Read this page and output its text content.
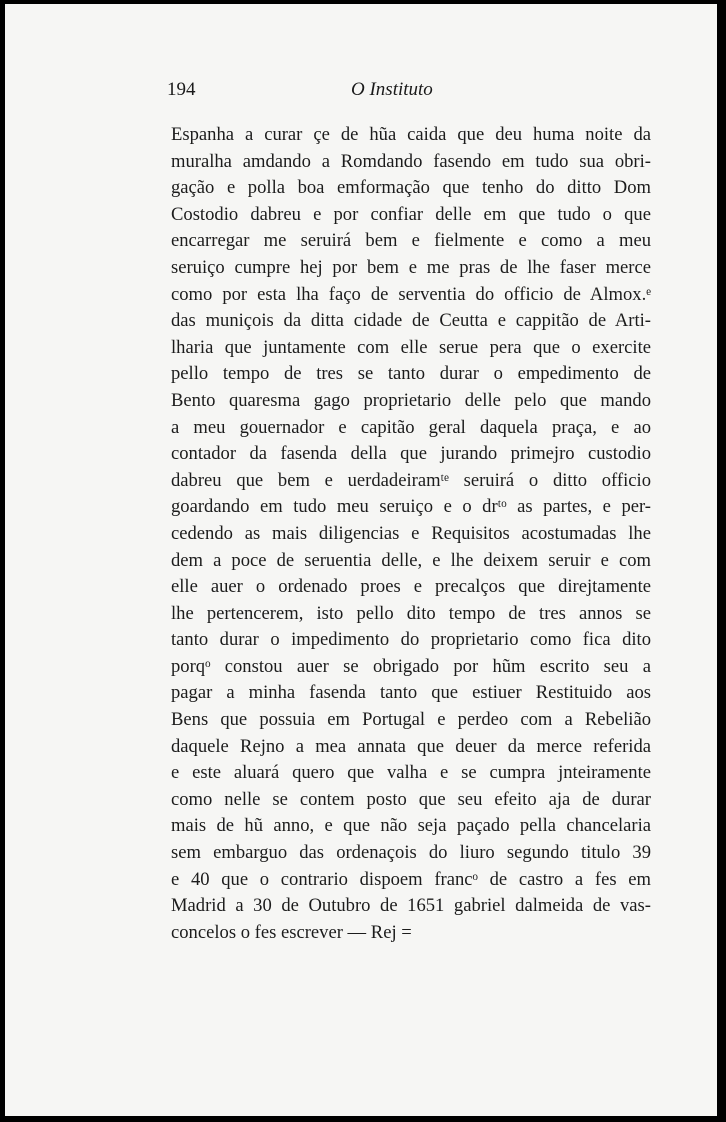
194	O Instituto
Espanha a curar çe de hũa caida que deu huma noite da
muralha amdando a Romdando fasendo em tudo sua obri-
gação e polla boa emformação que tenho do ditto Dom
Costodio dabreu e por confiar delle em que tudo o que
encarregar me seruirá bem e fielmente e como a meu
seruiço cumpre hej por bem e me pras de lhe faser merce
como por esta lha faço de serventia do officio de Almox.ᵉ
das muniçois da ditta cidade de Ceutta e cappitão de Arti-
lharia que juntamente com elle serue pera que o exercite
pello tempo de tres se tanto durar o empedimento de
Bento quaresma gago proprietario delle pelo que mando
a meu gouernador e capitão geral daquela praça, e ao
contador da fasenda della que jurando primejro custodio
dabreu que bem e uerdadeiramᵗᵉ seruirá o ditto officio
goardando em tudo meu seruiço e o drᵗᵒ as partes, e per-
cedendo as mais diligencias e Requisitos acostumadas lhe
dem a poce de seruentia delle, e lhe deixem seruir e com
elle auer o ordenado proes e precalços que direjtamente
lhe pertencerem, isto pello dito tempo de tres annos se
tanto durar o impedimento do proprietario como fica dito
porqᵒ constou auer se obrigado por hũm escrito seu a
pagar a minha fasenda tanto que estiuer Restituido aos
Bens que possuia em Portugal e perdeo com a Rebelião
daquele Rejno a mea annata que deuer da merce referida
e este aluará quero que valha e se cumpra jnteiramente
como nelle se contem posto que seu efeito aja de durar
mais de hũ anno, e que não seja paçado pella chancelaria
sem embarguo das ordenaçois do liuro segundo titulo 39
e 40 que o contrario dispoem francᵒ de castro a fes em
Madrid a 30 de Outubro de 1651 gabriel dalmeida de vas-
concelos o fes escrever — Rej =
